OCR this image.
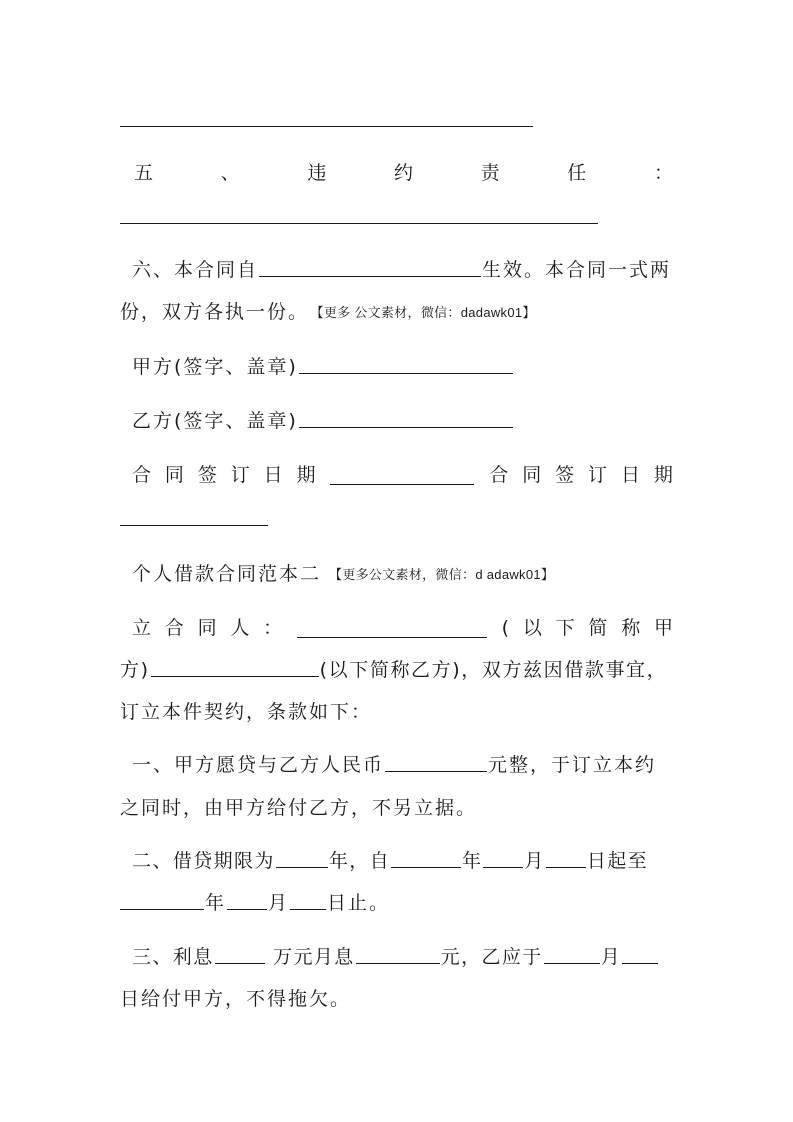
五	、	违	约	责	任	：
六、本合同自	生效。本合同一式两
份，双方各执一份。 【更多 公文素材，微信：dadawk01】
甲方(签字、盖章)
乙方(签字、盖章)
合 同 签 订 日 期	合 同 签 订 日 期
个人借款合同范本二 【更多公文素材，微信：d adawk01】
立 合 同 人 ：	( 以 下 简 称 甲
方)	(以下简称乙方)，双方兹因借款事宜，
订立本件契约，条款如下：
一、甲方愿贷与乙方人民币	元整，于订立本约
之同时，由甲方给付乙方，不另立据。
二、借贷期限为	年，自	年 月 日起至
年 月 日止。
三、利息	万元月息	元，乙应于	月
日给付甲方，不得拖欠。
